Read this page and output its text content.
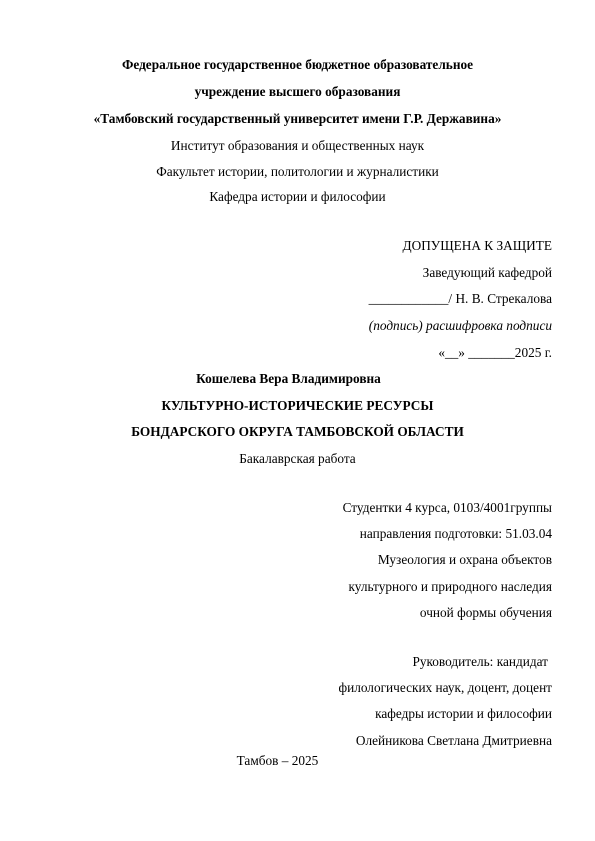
Федеральное государственное бюджетное образовательное
учреждение высшего образования
«Тамбовский государственный университет имени Г.Р. Державина»
Институт образования и общественных наук
Факультет истории, политологии и журналистики
Кафедра истории и философии
ДОПУЩЕНА К ЗАЩИТЕ
Заведующий кафедрой
____________/ Н. В. Стрекалова
(подпись) расшифровка подписи
«__» _______2025 г.
Кошелева Вера Владимировна
КУЛЬТУРНО-ИСТОРИЧЕСКИЕ РЕСУРСЫ
БОНДАРСКОГО ОКРУГА ТАМБОВСКОЙ ОБЛАСТИ
Бакалаврская работа
Студентки 4 курса, 0103/4001группы
направления подготовки: 51.03.04
Музеология и охрана объектов
культурного и природного наследия
очной формы обучения
Руководитель: кандидат
филологических наук, доцент, доцент
кафедры истории и философии
Олейникова Светлана Дмитриевна
Тамбов – 2025
